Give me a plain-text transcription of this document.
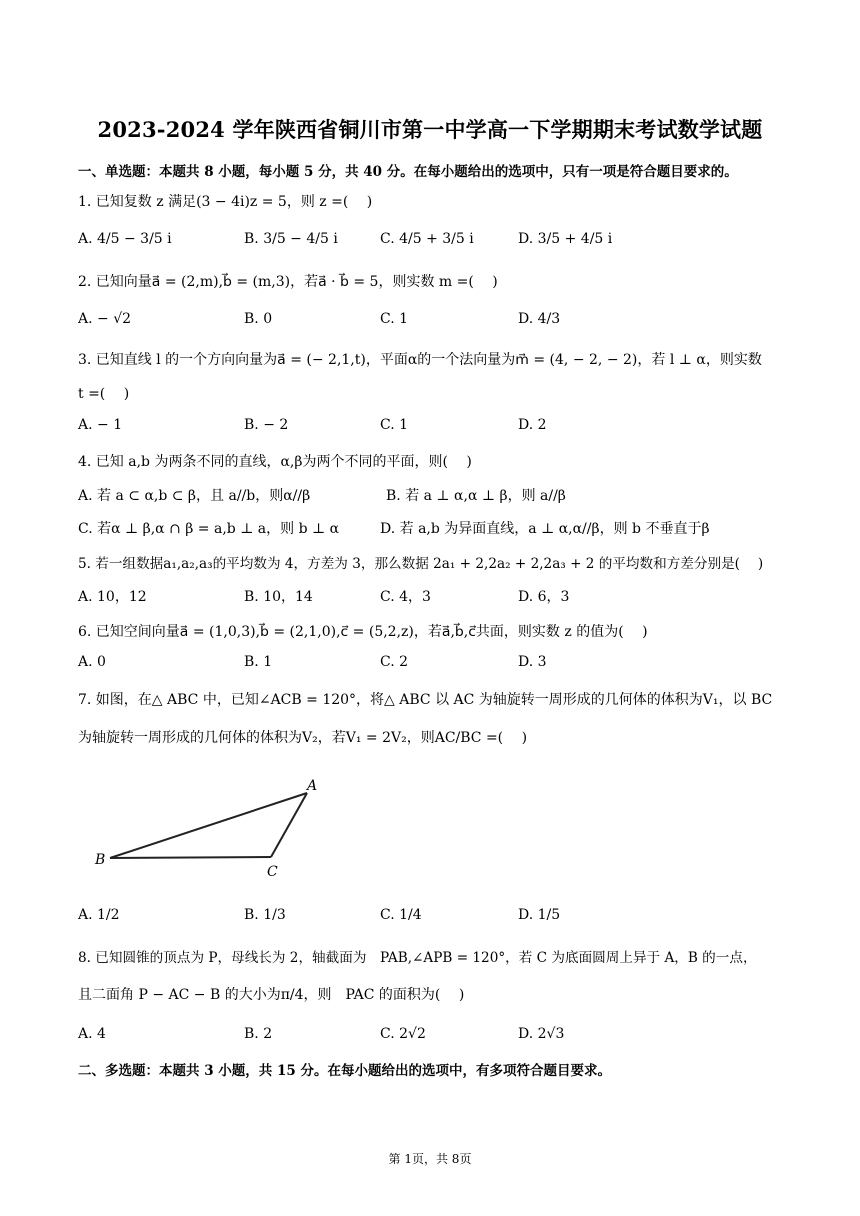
2023-2024 学年陕西省铜川市第一中学高一下学期期末考试数学试题
一、单选题：本题共 8 小题，每小题 5 分，共 40 分。在每小题给出的选项中，只有一项是符合题目要求的。
1. 已知复数 z 满足(3 − 4i)z = 5，则 z =(　 )
A. 4/5 − 3/5 i	B. 3/5 − 4/5 i	C. 4/5 + 3/5 i	D. 3/5 + 4/5 i
2. 已知向量a⃗ = (2,m),b⃗ = (m,3)，若a⃗ · b⃗ = 5，则实数 m =(　 )
A. − √2	B. 0	C. 1	D. 4/3
3. 已知直线 l 的一个方向向量为a⃗ = (− 2,1,t)，平面α的一个法向量为m⃗ = (4, − 2, − 2)，若 l ⊥ α，则实数
t =(　 )
A. − 1	B. − 2	C. 1	D. 2
4. 已知 a,b 为两条不同的直线，α,β为两个不同的平面，则(　 )
A. 若 a ⊂ α,b ⊂ β，且 a//b，则α//β	B. 若 a ⊥ α,α ⊥ β，则 a//β
C. 若α ⊥ β,α ∩ β = a,b ⊥ a，则 b ⊥ α	D. 若 a,b 为异面直线，a ⊥ α,α//β，则 b 不垂直于β
5. 若一组数据a₁,a₂,a₃的平均数为 4，方差为 3，那么数据 2a₁ + 2,2a₂ + 2,2a₃ + 2 的平均数和方差分别是(　 )
A. 10，12	B. 10，14	C. 4，3	D. 6，3
6. 已知空间向量a⃗ = (1,0,3),b⃗ = (2,1,0),c⃗ = (5,2,z)，若a⃗,b⃗,c⃗共面，则实数 z 的值为(　 )
A. 0	B. 1	C. 2	D. 3
7. 如图，在△ ABC 中，已知∠ACB = 120°，将△ ABC 以 AC 为轴旋转一周形成的几何体的体积为V₁，以 BC
为轴旋转一周形成的几何体的体积为V₂，若V₁ = 2V₂，则AC/BC =(　 )
A
B
C
A. 1/2	B. 1/3	C. 1/4	D. 1/5
8. 已知圆锥的顶点为 P，母线长为 2，轴截面为　PAB,∠APB = 120°，若 C 为底面圆周上异于 A，B 的一点，
且二面角 P − AC − B 的大小为π/4，则　PAC 的面积为(　 )
A. 4	B. 2	C. 2√2	D. 2√3
二、多选题：本题共 3 小题，共 15 分。在每小题给出的选项中，有多项符合题目要求。
第 1页，共 8页
